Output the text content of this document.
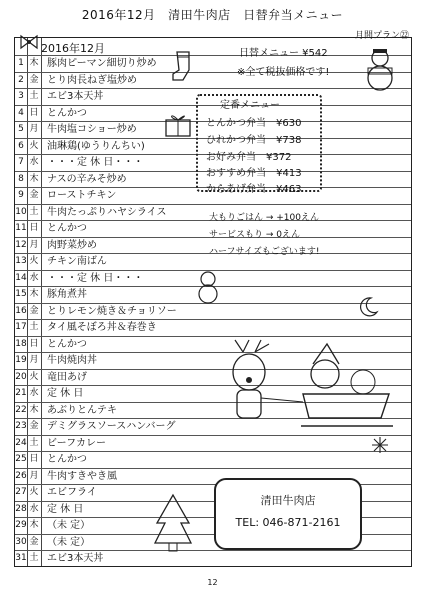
2016年12月　清田牛肉店　日替弁当メニュー
月間プラン㉒
2016年12月
1 木 豚肉ピーマン細切り炒め
2 金 とり肉長ねぎ塩炒め
3 土 エビ3本天丼
4 日 とんかつ
5 月 牛肉塩コショー炒め
6 火 油琳鶏(ゆうりんちい)
7 水 ・・・定 休 日・・・
8 木 ナスの辛みそ炒め
9 金 ローストチキン
10 土 牛肉たっぷりハヤシライス
11 日 とんかつ
12 月 肉野菜炒め
13 火 チキン南ばん
14 水 ・・・定 休 日・・・
15 木 豚角煮丼
16 金 とりレモン焼き＆チョリソー
17 土 タイ風そぼろ丼＆春巻き
18 日 とんかつ
19 月 牛肉焼肉丼
20 火 竜田あげ
21 水 定 休 日
22 木 あぶりとんテキ
23 金 デミグラスソースハンバーグ
24 土 ビーフカレー
25 日 とんかつ
26 月 牛肉すきやき風
27 火 エビフライ
28 水 定 休 日
29 木 （未 定）
30 金 （未 定）
31 土 エビ3本天丼
日替メニュー ¥542
※全て税抜価格です!
定番メニュー
とんかつ弁当　 ¥630
ひれかつ弁当　 ¥738
お好み弁当　 ¥372
おすすめ弁当　 ¥413
からあげ弁当　 ¥463
大もりごはん → +100えん
サービスもり → 0えん
ハーフサイズもございます!
清田牛肉店
TEL: 046-871-2161
12
